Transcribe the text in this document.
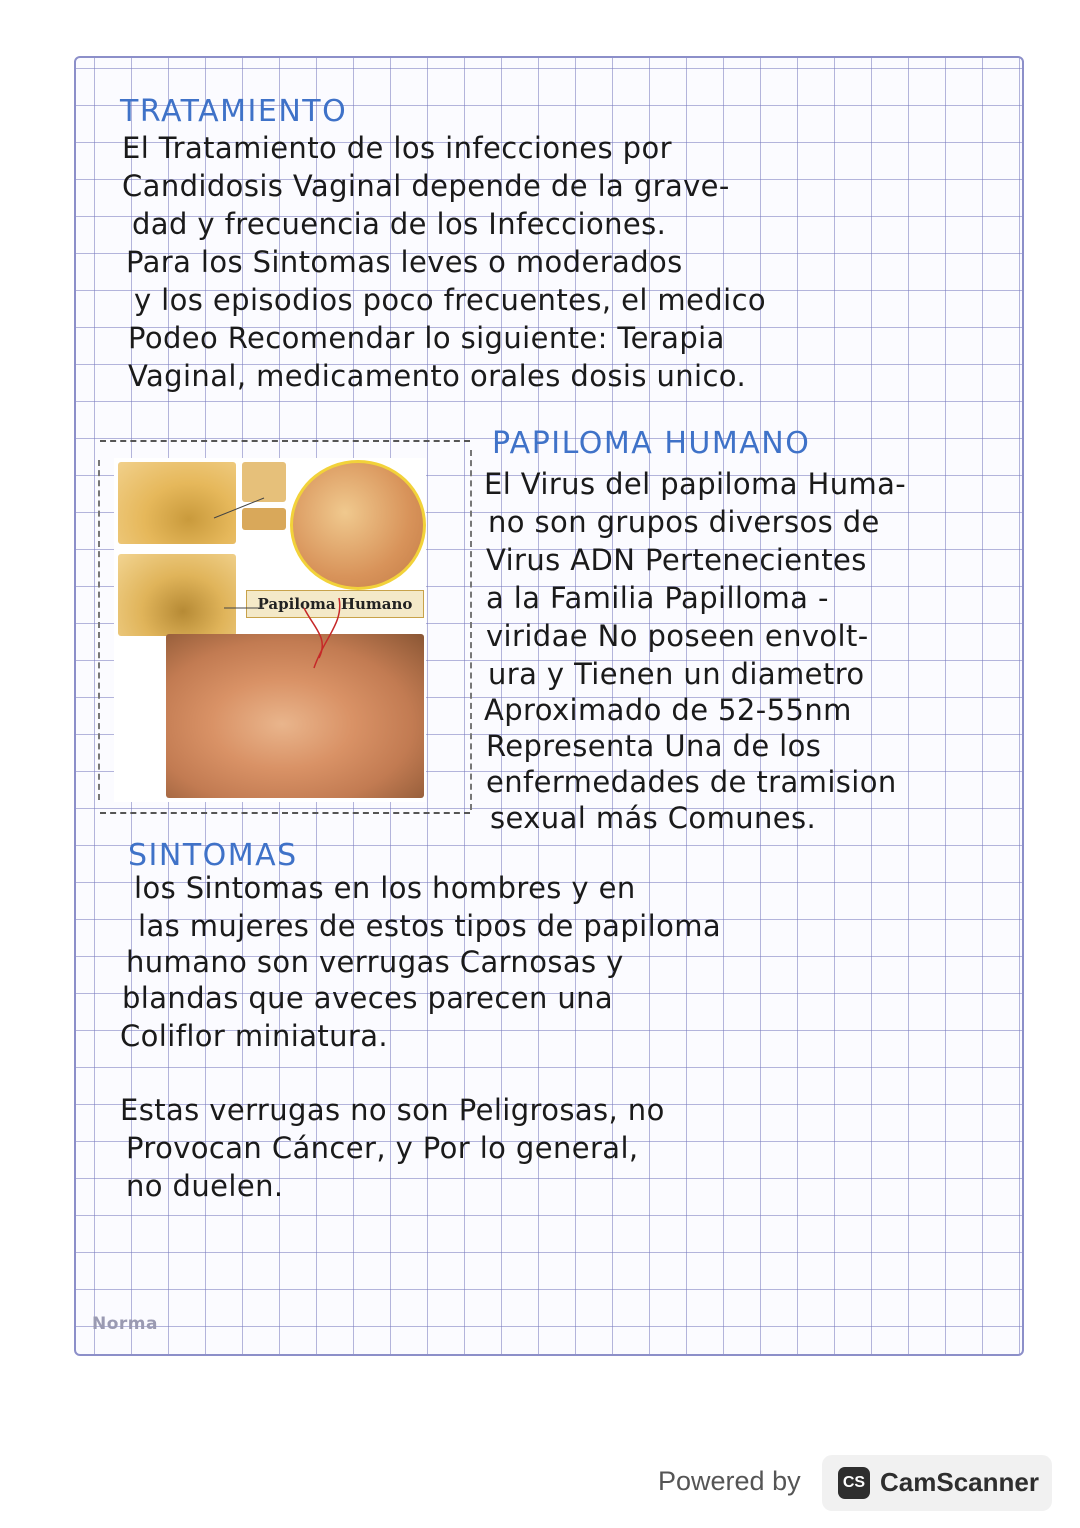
TRATAMIENTO
El Tratamiento de los infecciones por
Candidosis Vaginal depende de la grave-
dad y frecuencia de los Infecciones.
Para los Sintomas leves o moderados
y los episodios poco frecuentes, el medico
Podeo Recomendar lo siguiente: Terapia
Vaginal, medicamento orales dosis unico.
PAPILOMA HUMANO
El Virus del papiloma Huma-
no son grupos diversos de
Virus ADN Pertenecientes
a la Familia Papilloma -
viridae No poseen envolt-
ura y Tienen un diametro
Aproximado de 52-55nm
Representa Una de los
enfermedades de tramision
sexual más Comunes.
SINTOMAS
los Sintomas en los hombres y en
las mujeres de estos tipos de papiloma
humano son verrugas Carnosas y
blandas que aveces parecen una
Coliflor miniatura.
Estas verrugas no son Peligrosas, no
Provocan Cáncer, y Por lo general,
no duelen.
Norma
Papiloma Humano
Powered by	CS CamScanner
